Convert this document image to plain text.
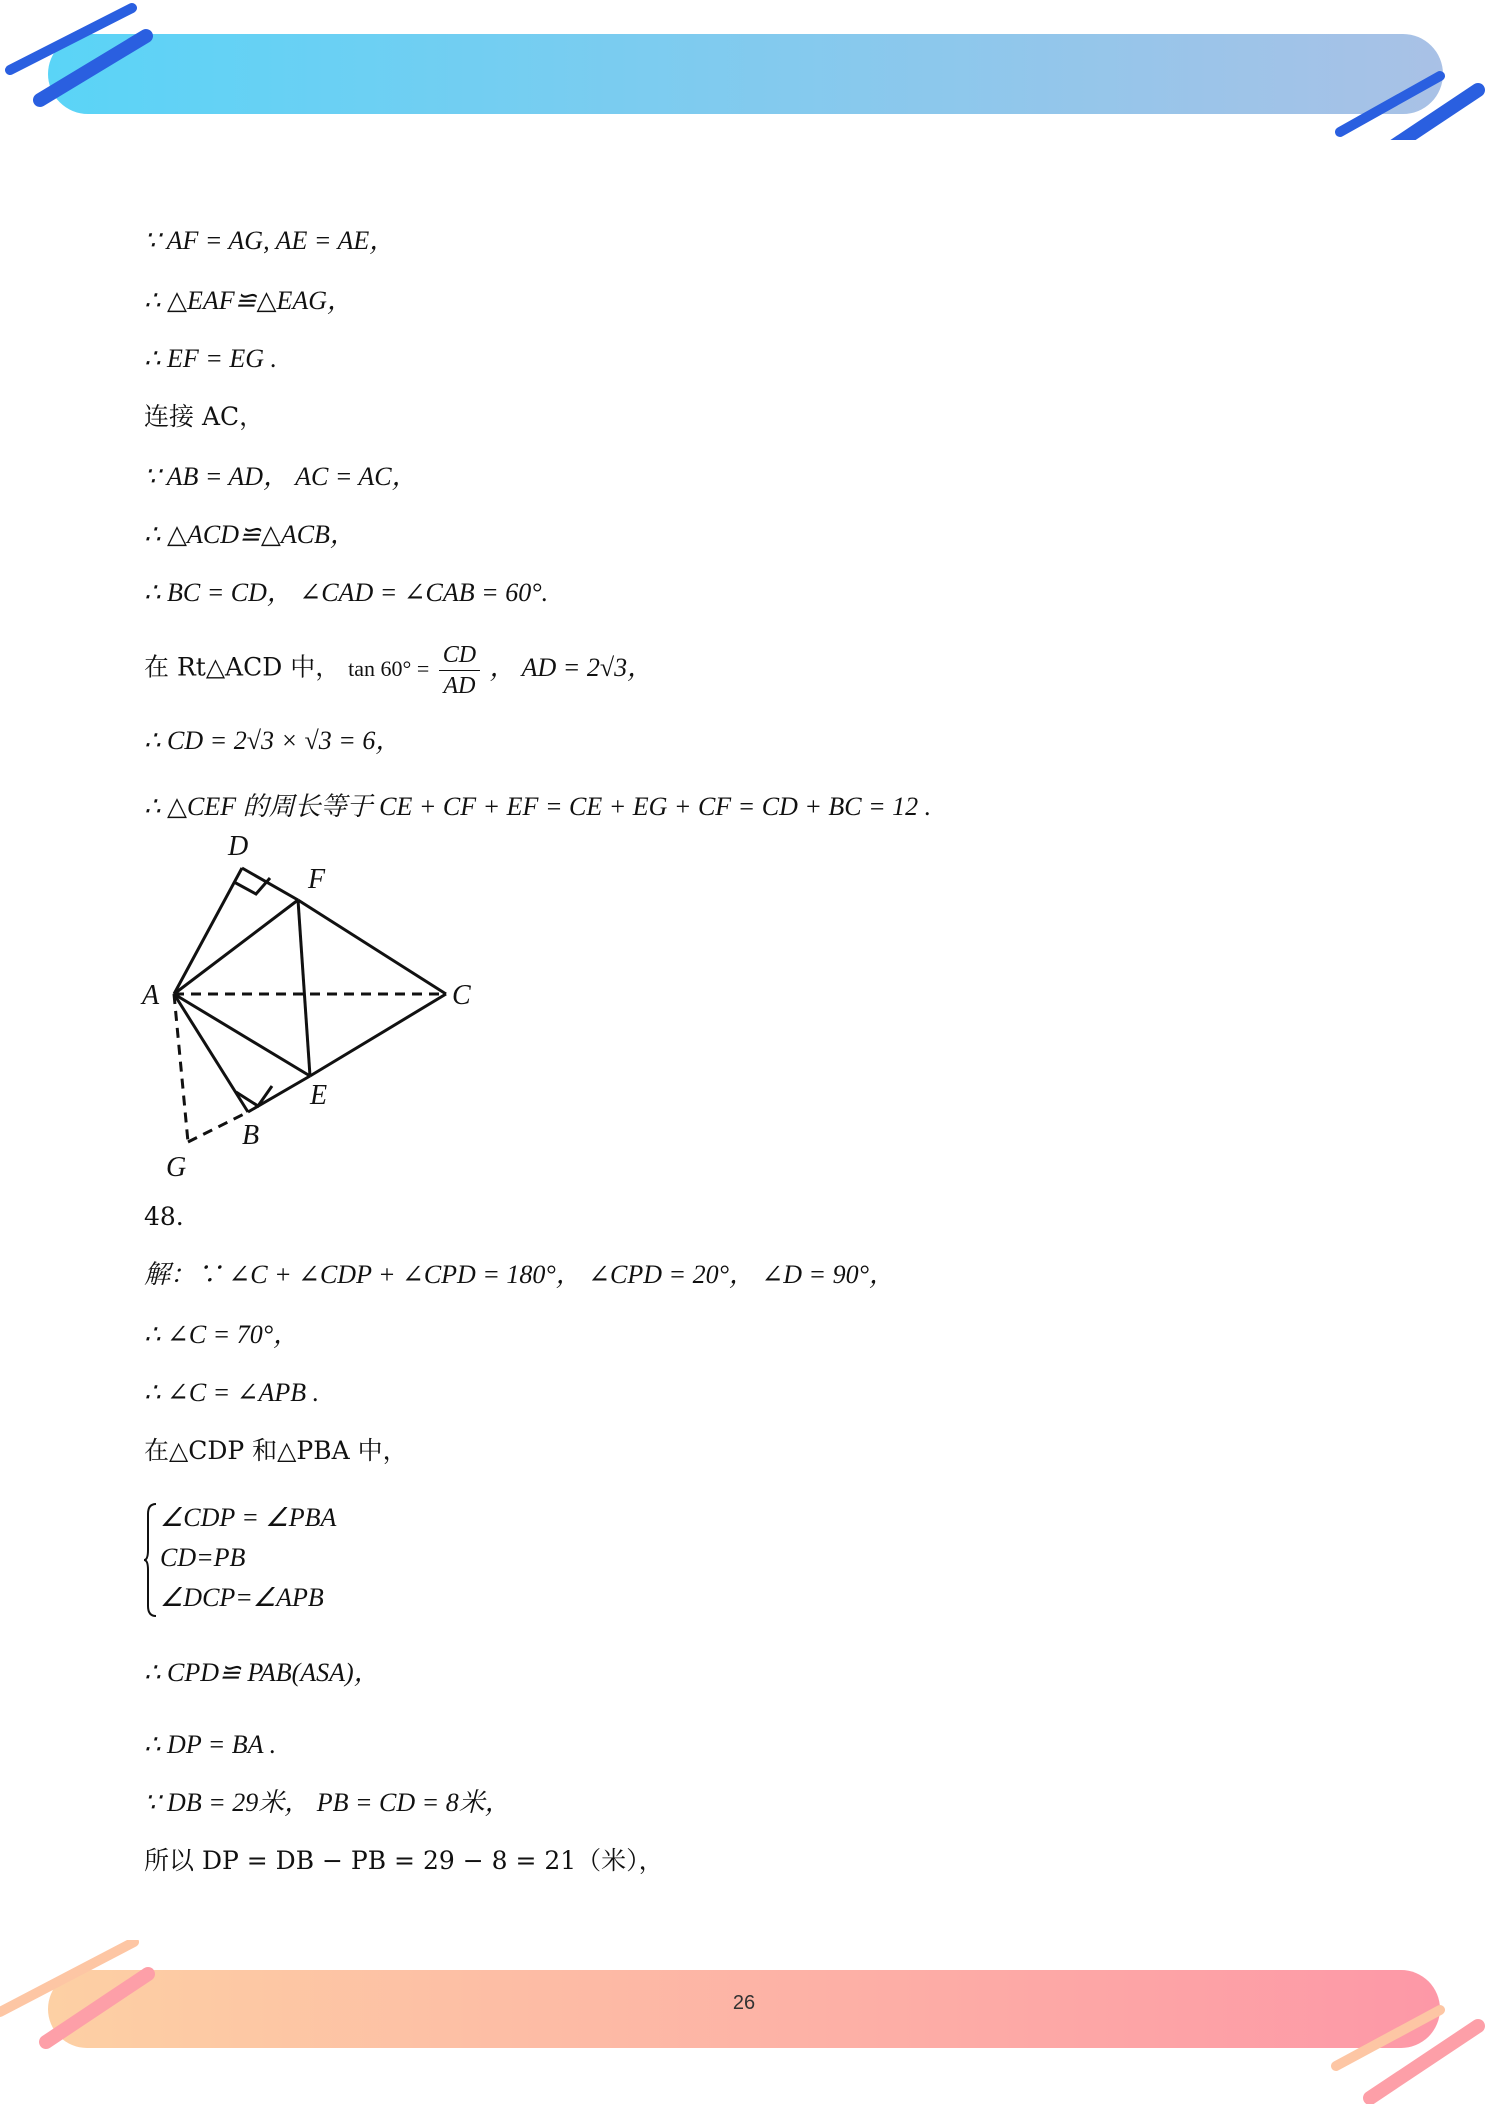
∵ AF = AG, AE = AE，
∴ △EAF≌△EAG，
∴ EF = EG .
连接 AC，
∵ AB = AD， AC = AC，
∴ △ACD≌△ACB，
∴ BC = CD， ∠CAD = ∠CAB = 60°.
在 Rt△ACD 中， $\tan 60^\circ = \frac{CD}{AD}$ ， AD = 2√3，
∴ CD = 2√3 × √3 = 6，
∴ △CEF 的周长等于 CE + CF + EF = CE + EG + CF = CD + BC = 12 .
D
F
A	C
E
B
G
48.
解：∵ ∠C + ∠CDP + ∠CPD = 180°， ∠CPD = 20°， ∠D = 90°，
∴ ∠C = 70°，
∴ ∠C = ∠APB .
在△CDP 和△PBA 中，
∠CDP = ∠PBA
CD=PB
∠DCP=∠APB
∴ CPD≌ PAB(ASA)，
∴ DP = BA .
∵ DB = 29米， PB = CD = 8米，
所以 DP = DB − PB = 29 − 8 = 21（米），
26
